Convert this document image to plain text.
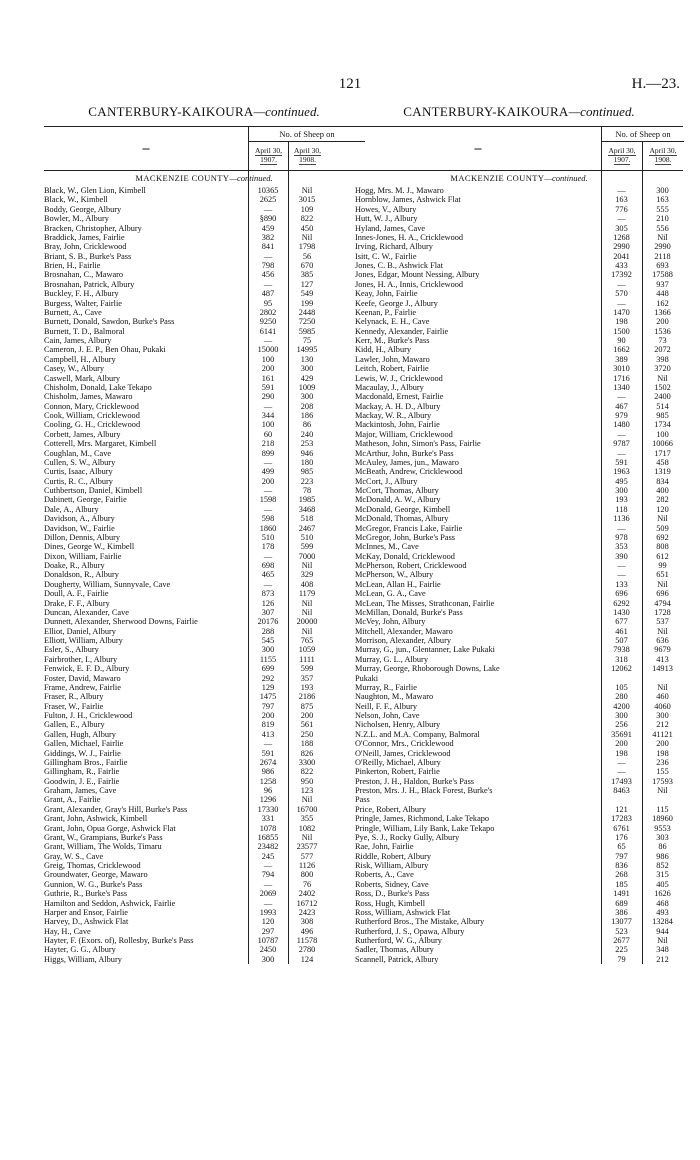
121	H.—23.
CANTERBURY-KAIKOURA—continued.
–
No. of Sheep on
April 30,
1907.
April 30,
1908.
MACKENZIE COUNTY—continued.
Black, W., Glen Lion, Kimbell	10365	Nil
Black, W., Kimbell	2625	3015
Boddy, George, Albury	—	109
Bowler, M., Albury	§890	822
Bracken, Christopher, Albury	459	450
Braddick, James, Fairlie	382	Nil
Bray, John, Cricklewood	841	1798
Briant, S. B., Burke's Pass	—	56
Brien, H., Fairlie	798	670
Brosnahan, C., Mawaro	456	385
Brosnahan, Patrick, Albury	—	127
Buckley, F. H., Albury	487	549
Burgess, Walter, Fairlie	95	199
Burnett, A., Cave	2802	2448
Burnett, Donald, Sawdon, Burke's Pass	9250	7250
Burnett, T. D., Balmoral	6141	5985
Cain, James, Albury	—	75
Cameron, J. E. P., Ben Ohau, Pukaki	15000	14995
Campbell, H., Albury	100	130
Casey, W., Albury	200	300
Caswell, Mark, Albury	161	429
Chisholm, Donald, Lake Tekapo	591	1009
Chisholm, James, Mawaro	290	300
Connon, Mary, Cricklewood	—	208
Cook, William, Cricklewood	344	186
Cooling, G. H., Cricklewood	100	86
Corbett, James, Albury	60	240
Cotterell, Mrs. Margaret, Kimbell	218	253
Coughlan, M., Cave	899	946
Cullen, S. W., Albury	—	180
Curtis, Isaac, Albury	499	985
Curtis, R. C., Albury	200	223
Cuthbertson, Daniel, Kimbell	—	78
Dabinett, George, Fairlie	1598	1985
Dale, A., Albury	—	3468
Davidson, A., Albury	598	518
Davidson, W., Fairlie	1860	2467
Dillon, Dennis, Albury	510	510
Dines, George W., Kimbell	178	599
Dixon, William, Fairlie	—	7000
Doake, R., Albury	698	Nil
Donaldson, R., Albury	465	329
Dougherty, William, Sunnyvale, Cave	—	408
Doull, A. F., Fairlie	873	1179
Drake, F. F., Albury	126	Nil
Duncan, Alexander, Cave	307	Nil
Dunnett, Alexander, Sherwood Downs, Fairlie	20176	20000
Elliot, Daniel, Albury	288	Nil
Elliott, William, Albury	545	765
Esler, S., Albury	300	1059
Fairbrother, I., Albury	1155	1111
Fenwick, E. F. D., Albury	699	599
Foster, David, Mawaro	292	357
Frame, Andrew, Fairlie	129	193
Fraser, R., Albury	1475	2186
Fraser, W., Fairlie	797	875
Fulton, J. H., Cricklewood	200	200
Gallen, E., Albury	819	561
Gallen, Hugh, Albury	413	250
Gallen, Michael, Fairlie	—	188
Giddings, W. J., Fairlie	591	826
Gillingham Bros., Fairlie	2674	3300
Gillingham, R., Fairlie	986	822
Goodwin, J. E., Fairlie	1258	950
Graham, James, Cave	96	123
Grant, A., Fairlie	1296	Nil
Grant, Alexander, Gray's Hill, Burke's Pass	17330	16700
Grant, John, Ashwick, Kimbell	331	355
Grant, John, Opua Gorge, Ashwick Flat	1078	1082
Grant, W., Grampians, Burke's Pass	16855	Nil
Grant, William, The Wolds, Timaru	23482	23577
Gray, W. S., Cave	245	577
Greig, Thomas, Cricklewood	—	1126
Groundwater, George, Mawaro	794	800
Gunnion, W. G., Burke's Pass	—	76
Guthrie, R., Burke's Pass	2069	2402
Hamilton and Seddon, Ashwick, Fairlie	—	16712
Harper and Ensor, Fairlie	1993	2423
Harvey, D., Ashwick Flat	120	308
Hay, H., Cave	297	496
Hayter, F. (Exors. of), Rollesby, Burke's Pass	10787	11578
Hayter, G. G., Albury	2450	2780
Higgs, William, Albury	300	124
CANTERBURY-KAIKOURA—continued.
–
No. of Sheep on
April 30,
1907.
April 30,
1908.
MACKENZIE COUNTY—continued.
Hogg, Mrs. M. J., Mawaro	—	300
Hornblow, James, Ashwick Flat	163	163
Howes, V., Albury	776	555
Hutt, W. J., Albury	—	210
Hyland, James, Cave	305	556
Innes-Jones, H. A., Cricklewood	1268	Nil
Irving, Richard, Albury	2990	2990
Isitt, C. W., Fairlie	2041	2118
Jones, C. B., Ashwick Flat	433	693
Jones, Edgar, Mount Nessing, Albury	17392	17588
Jones, H. A., Innis, Cricklewood	—	937
Keay, John, Fairlie	570	448
Keefe, George J., Albury	—	162
Keenan, P., Fairlie	1470	1366
Kelynack, E. H., Cave	198	200
Kennedy, Alexander, Fairlie	1500	1536
Kerr, M., Burke's Pass	90	73
Kidd, H., Albury	1662	2072
Lawler, John, Mawaro	389	398
Leitch, Robert, Fairlie	3010	3720
Lewis, W. J., Cricklewood	1716	Nil
Macaulay, J., Albury	1340	1502
Macdonald, Ernest, Fairlie	—	2400
Mackay, A. H. D., Albury	467	514
Mackay, W. R., Albury	979	985
Mackintosh, John, Fairlie	1480	1734
Major, William, Cricklewood	—	100
Matheson, John, Simon's Pass, Fairlie	9787	10066
McArthur, John, Burke's Pass	—	1717
McAuley, James, jun., Mawaro	591	458
McBeath, Andrew, Cricklewood	1963	1319
McCort, J., Albury	495	834
McCort, Thomas, Albury	300	400
McDonald, A. W., Albury	193	282
McDonald, George, Kimbell	118	120
McDonald, Thomas, Albury	1136	Nil
McGregor, Francis Lake, Fairlie	—	509
McGregor, John, Burke's Pass	978	692
McInnes, M., Cave	353	808
McKay, Donald, Cricklewood	390	612
McPherson, Robert, Cricklewood	—	99
McPherson, W., Albury	—	651
McLean, Allan H., Fairlie	133	Nil
McLean, G. A., Cave	696	696
McLean, The Misses, Strathconan, Fairlie	6292	4794
McMillan, Donald, Burke's Pass	1430	1728
McVey, John, Albury	677	537
Mitchell, Alexander, Mawaro	461	Nil
Morrison, Alexander, Albury	507	636
Murray, G., jun., Glentanner, Lake Pukaki	7938	9679
Murray, G. L., Albury	318	413
Murray, George, Rhoborough Downs, Lake	12062	14913
Pukaki
Murray, R., Fairlie	105	Nil
Naughton, M., Mawaro	280	460
Neill, F. F., Albury	4200	4060
Nelson, John, Cave	300	300
Nicholsen, Henry, Albury	256	212
N.Z.L. and M.A. Company, Balmoral	35691	41121
O'Connor, Mrs., Cricklewood	200	200
O'Neill, James, Cricklewood	198	198
O'Reilly, Michael, Albury	—	236
Pinkerton, Robert, Fairlie	—	155
Preston, J. H., Haldon, Burke's Pass	17493	17593
Preston, Mrs. J. H., Black Forest, Burke's	8463	Nil
Pass
Price, Robert, Albury	121	115
Pringle, James, Richmond, Lake Tekapo	17283	18960
Pringle, William, Lily Bank, Lake Tekapo	6761	9553
Pye, S. J., Rocky Gully, Albury	176	303
Rae, John, Fairlie	65	86
Riddle, Robert, Albury	797	986
Risk, William, Albury	836	852
Roberts, A., Cave	268	315
Roberts, Sidney, Cave	185	405
Ross, D., Burke's Pass	1491	1626
Ross, Hugh, Kimbell	689	468
Ross, William, Ashwick Flat	386	493
Rutherford Bros., The Mistake, Albury	13077	13284
Rutherford, J. S., Opawa, Albury	523	944
Rutherford, W. G., Albury	2677	Nil
Sadler, Thomas, Albury	225	348
Scannell, Patrick, Albury	79	212
